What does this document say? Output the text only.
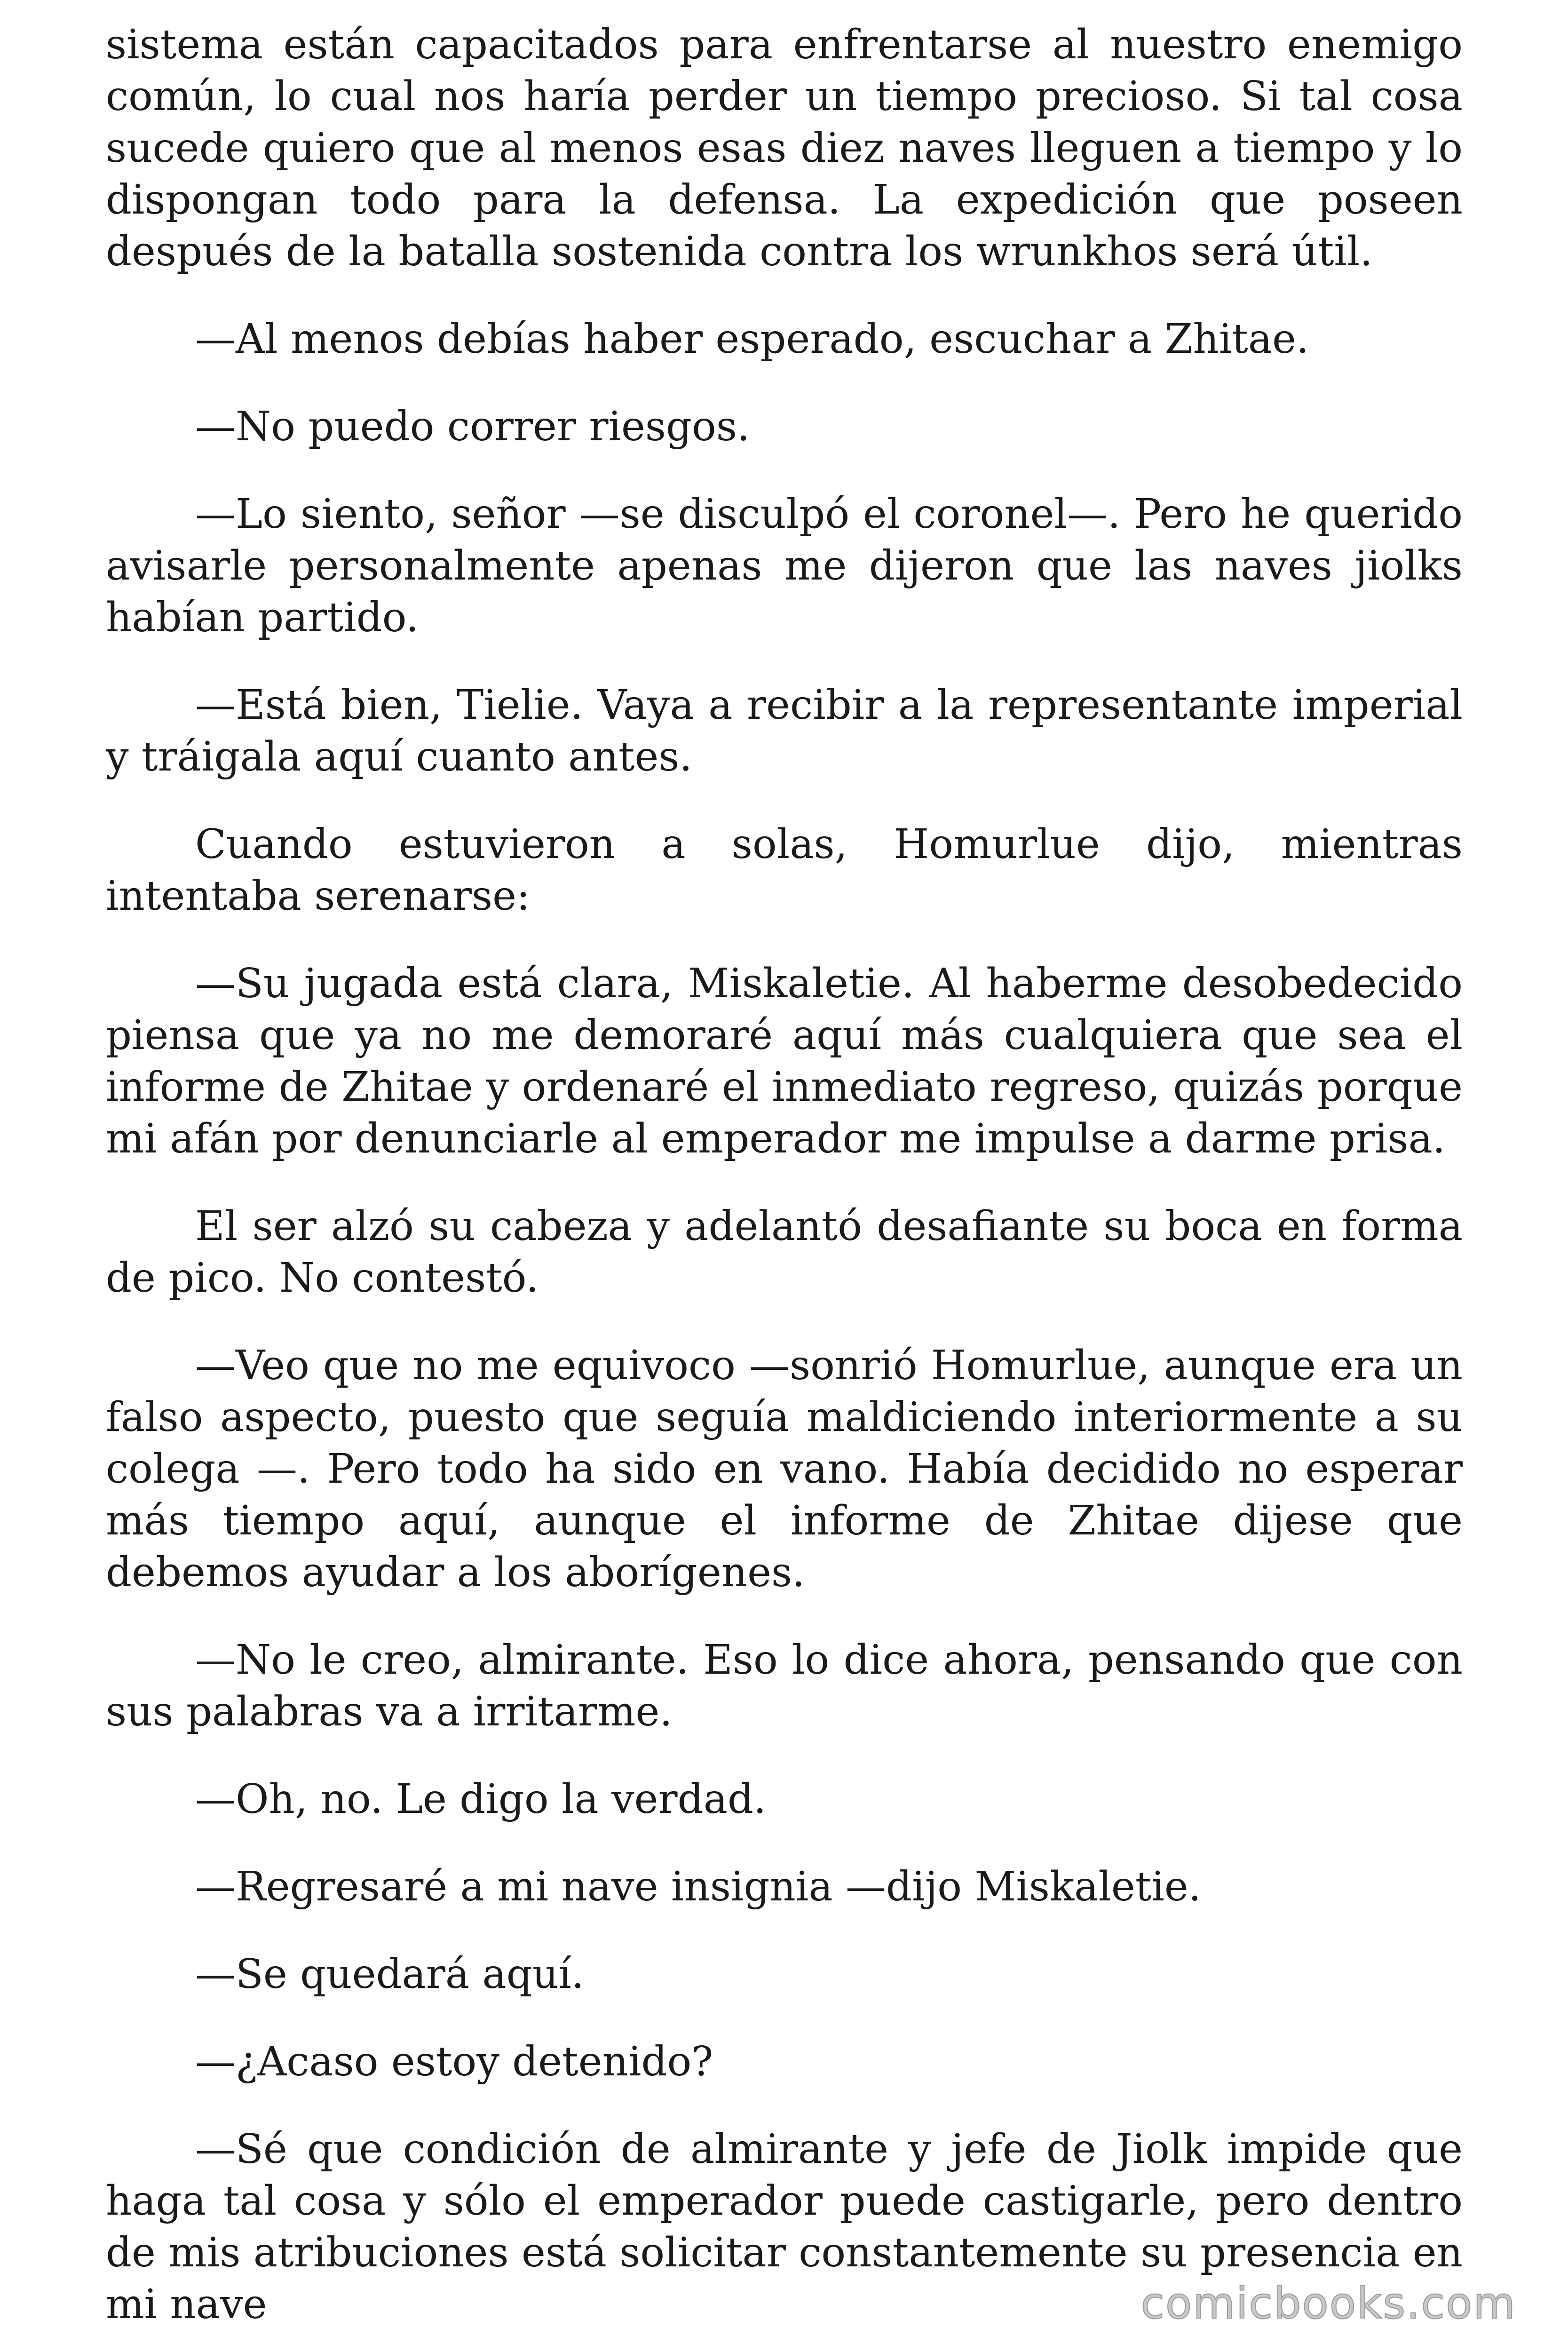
sistema están capacitados para enfrentarse al nuestro enemigo común, lo cual nos haría perder un tiempo precioso. Si tal cosa sucede quiero que al menos esas diez naves lleguen a tiempo y lo dispongan todo para la defensa. La expedición que poseen después de la batalla sostenida contra los wrunkhos será útil.

—Al menos debías haber esperado, escuchar a Zhitae.

—No puedo correr riesgos.

—Lo siento, señor —se disculpó el coronel—. Pero he querido avisarle personalmente apenas me dijeron que las naves jiolks habían partido.

—Está bien, Tielie. Vaya a recibir a la representante imperial y tráigala aquí cuanto antes.

Cuando estuvieron a solas, Homurlue dijo, mientras intentaba serenarse:

—Su jugada está clara, Miskaletie. Al haberme desobedecido piensa que ya no me demoraré aquí más cualquiera que sea el informe de Zhitae y ordenaré el inmediato regreso, quizás porque mi afán por denunciarle al emperador me impulse a darme prisa.

El ser alzó su cabeza y adelantó desafiante su boca en forma de pico. No contestó.

—Veo que no me equivoco —sonrió Homurlue, aunque era un falso aspecto, puesto que seguía maldiciendo interiormente a su colega —. Pero todo ha sido en vano. Había decidido no esperar más tiempo aquí, aunque el informe de Zhitae dijese que debemos ayudar a los aborígenes.

—No le creo, almirante. Eso lo dice ahora, pensando que con sus palabras va a irritarme.

—Oh, no. Le digo la verdad.

—Regresaré a mi nave insignia —dijo Miskaletie.

—Se quedará aquí.

—¿Acaso estoy detenido?

—Sé que condición de almirante y jefe de Jiolk impide que haga tal cosa y sólo el emperador puede castigarle, pero dentro de mis atribuciones está solicitar constantemente su presencia en mi nave	comicbooks.com
